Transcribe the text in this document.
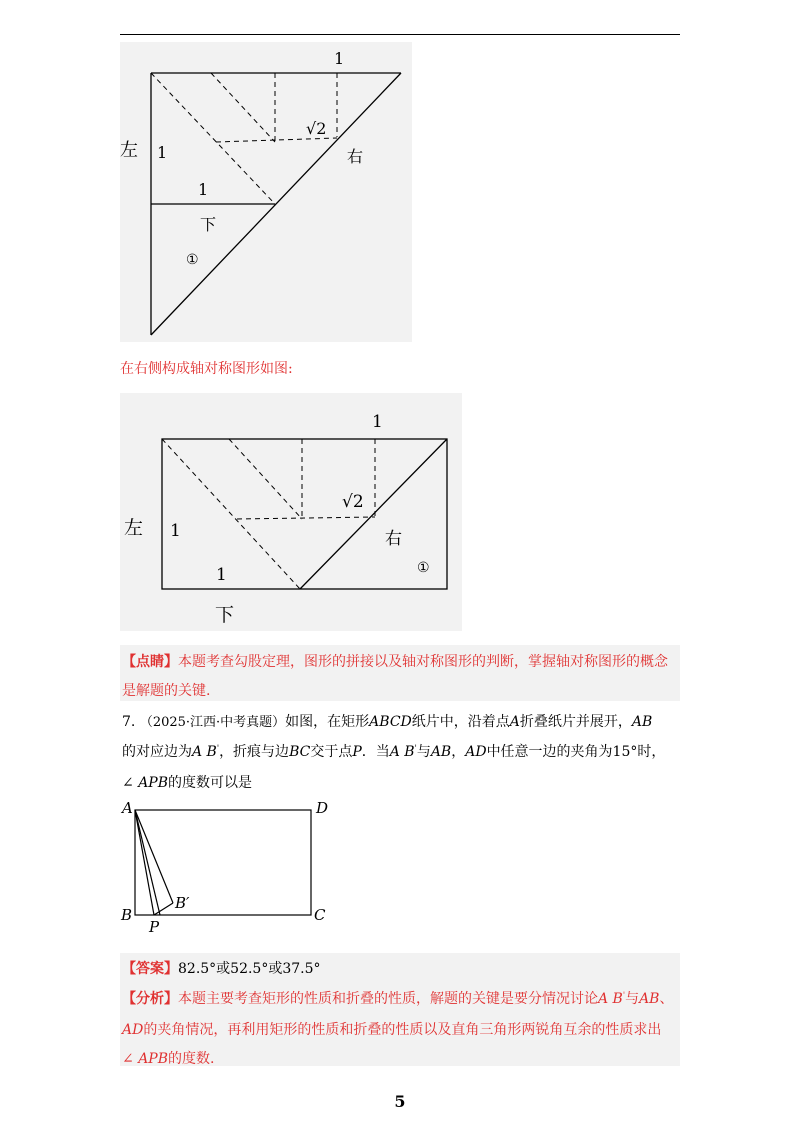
1
√2
左 1	右
1
下
①
在右侧构成轴对称图形如图:
1
√2
左 1	右
1	①
下
【点睛】本题考查勾股定理，图形的拼接以及轴对称图形的判断，掌握轴对称图形的概念
是解题的关键.
7. （2025·江西·中考真题）如图，在矩形ABCD纸片中，沿着点A折叠纸片并展开，AB
的对应边为A B'，折痕与边BC交于点P．当A B'与AB，AD中任意一边的夹角为15°时，
∠ APB的度数可以是
A	D
B	C
P
B′
【答案】82.5°或52.5°或37.5°
【分析】本题主要考查矩形的性质和折叠的性质，解题的关键是要分情况讨论A B'与AB、
AD的夹角情况，再利用矩形的性质和折叠的性质以及直角三角形两锐角互余的性质求出
∠ APB的度数.
5
